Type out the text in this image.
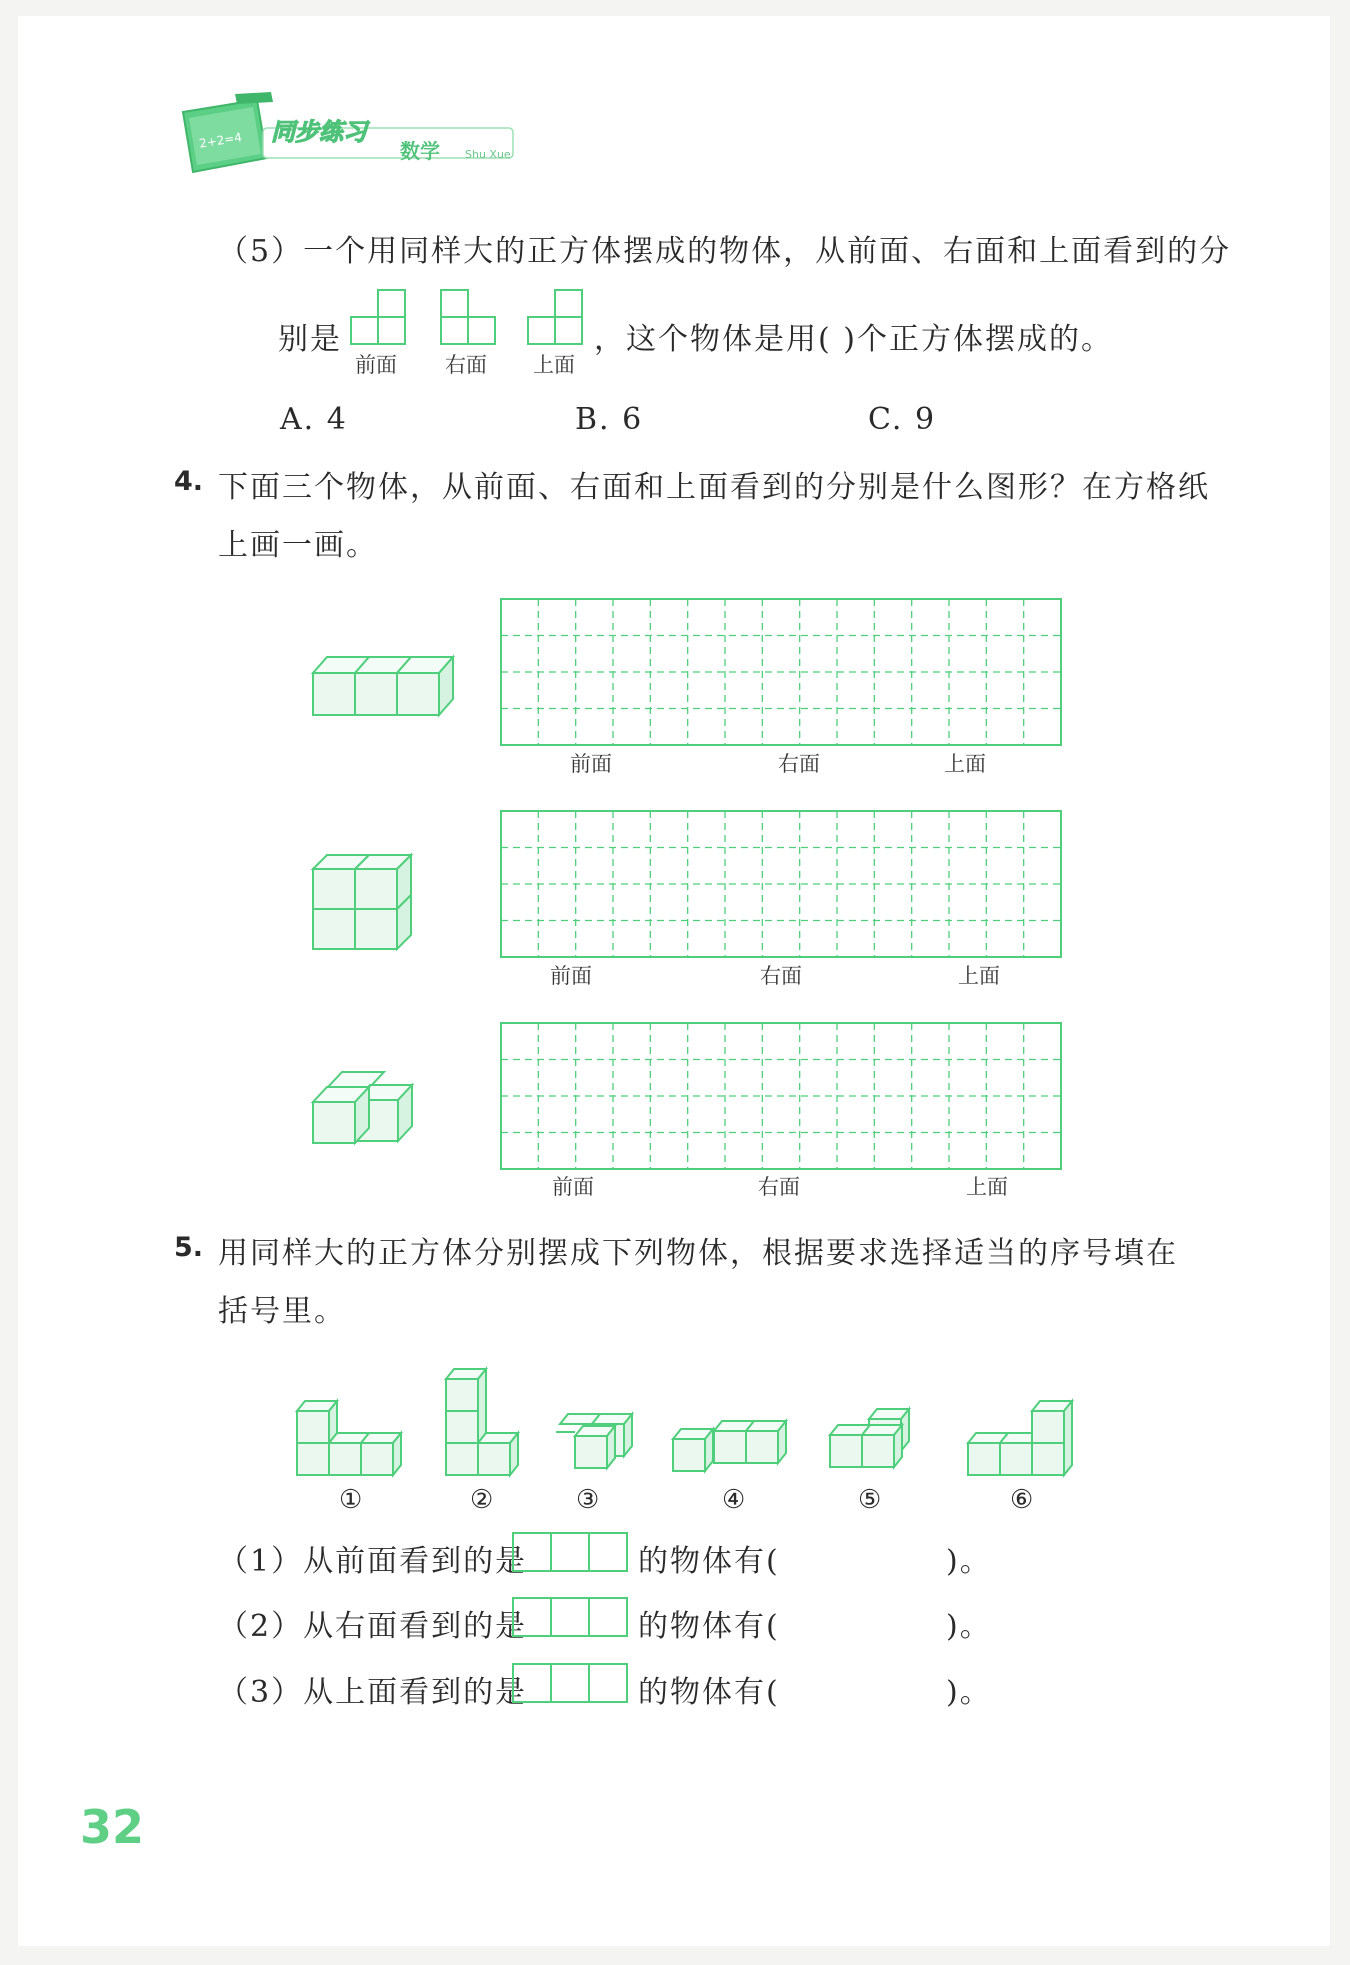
2+2=4 同步练习
数学 Shu Xue
（5）一个用同样大的正方体摆成的物体，从前面、右面和上面看到的分
别是
前面 右面 上面
，这个物体是用( )个正方体摆成的。
A. 4	B. 6	C. 9
4. 下面三个物体，从前面、右面和上面看到的分别是什么图形？在方格纸
上画一画。
前面	右面	上面
前面	右面	上面
前面	右面	上面
5. 用同样大的正方体分别摆成下列物体，根据要求选择适当的序号填在
括号里。
①	②	③	④	⑤	⑥
（1）从前面看到的是	的物体有(	)。
（2）从右面看到的是	的物体有(	)。
（3）从上面看到的是	的物体有(	)。
32
